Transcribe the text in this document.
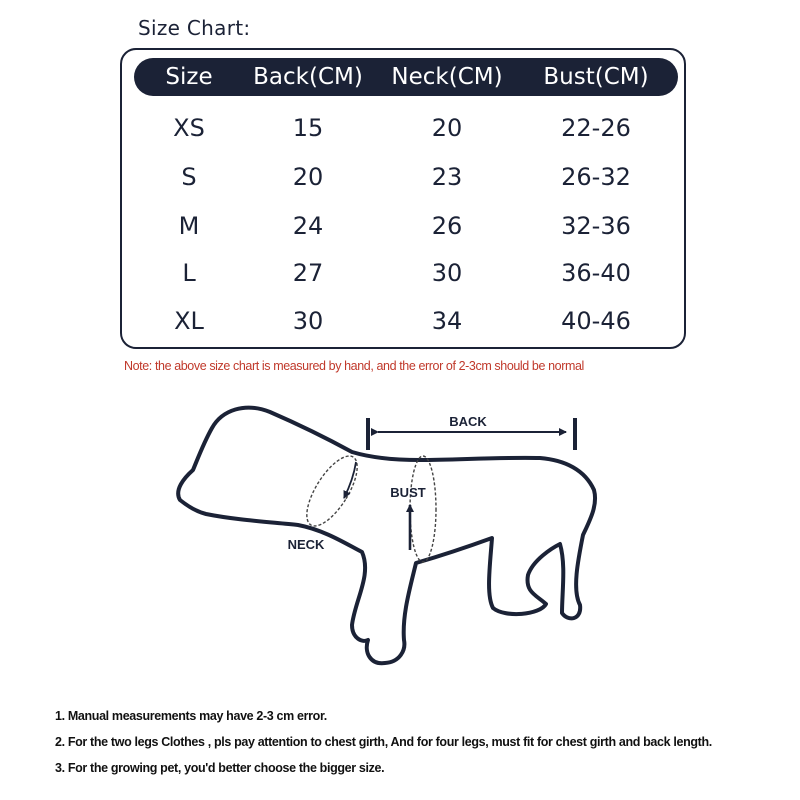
Size Chart:
Size	Back(CM)	Neck(CM)	Bust(CM)
XS	15	20	22-26
S	20	23	26-32
M	24	26	32-36
L	27	30	36-40
XL	30	34	40-46
Note: the above size chart is measured by hand, and the error of 2-3cm should be normal
BACK
NECK
BUST
1. Manual measurements may have 2-3 cm error.
2. For the two legs Clothes , pls pay attention to chest girth, And for four legs, must fit for chest girth and back length.
3. For the growing pet, you'd better choose the bigger size.
